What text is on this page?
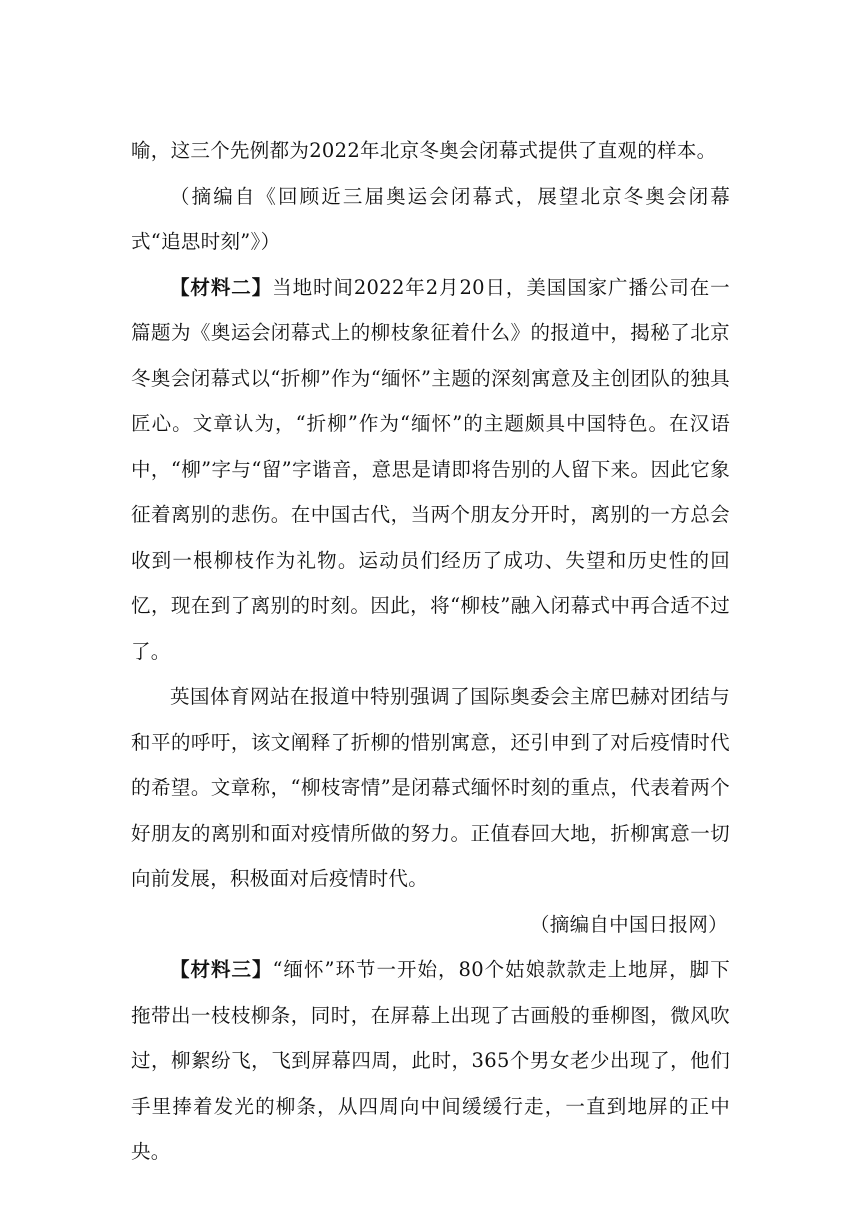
喻，这三个先例都为2022年北京冬奥会闭幕式提供了直观的样本。

（摘编自《回顾近三届奥运会闭幕式，展望北京冬奥会闭幕式“追思时刻”》）

【材料二】当地时间2022年2月20日，美国国家广播公司在一篇题为《奥运会闭幕式上的柳枝象征着什么》的报道中，揭秘了北京冬奥会闭幕式以“折柳”作为“缅怀”主题的深刻寓意及主创团队的独具匠心。文章认为，“折柳”作为“缅怀”的主题颇具中国特色。在汉语中，“柳”字与“留”字谐音，意思是请即将告别的人留下来。因此它象征着离别的悲伤。在中国古代，当两个朋友分开时，离别的一方总会收到一根柳枝作为礼物。运动员们经历了成功、失望和历史性的回忆，现在到了离别的时刻。因此，将“柳枝”融入闭幕式中再合适不过了。

英国体育网站在报道中特别强调了国际奥委会主席巴赫对团结与和平的呼吁，该文阐释了折柳的惜别寓意，还引申到了对后疫情时代的希望。文章称，“柳枝寄情”是闭幕式缅怀时刻的重点，代表着两个好朋友的离别和面对疫情所做的努力。正值春回大地，折柳寓意一切向前发展，积极面对后疫情时代。

（摘编自中国日报网）

【材料三】“缅怀”环节一开始，80个姑娘款款走上地屏，脚下拖带出一枝枝柳条，同时，在屏幕上出现了古画般的垂柳图，微风吹过，柳絮纷飞，飞到屏幕四周，此时，365个男女老少出现了，他们手里捧着发光的柳条，从四周向中间缓缓行走，一直到地屏的正中央。
